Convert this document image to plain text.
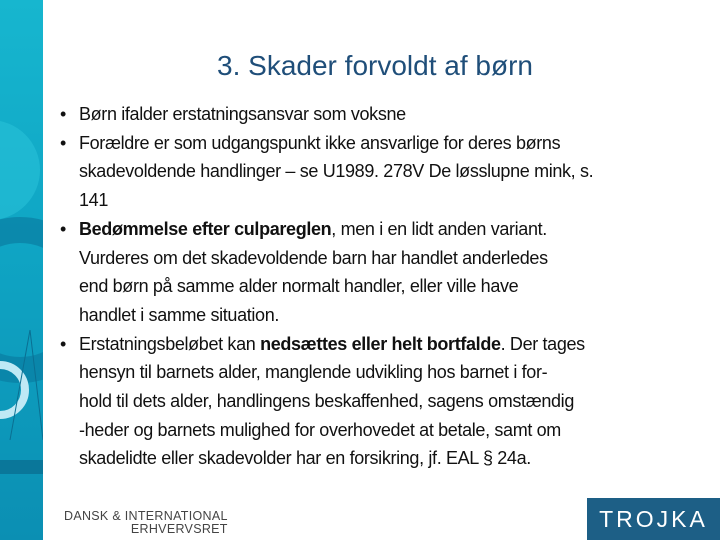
3. Skader forvoldt af børn
• Børn ifalder erstatningsansvar som voksne
• Forældre er som udgangspunkt ikke ansvarlige for deres børns
skadevoldende handlinger – se U1989. 278V De løsslupne mink, s.
141
• Bedømmelse efter culpareglen, men i en lidt anden variant.
Vurderes om det skadevoldende barn har handlet anderledes
end børn på samme alder normalt handler, eller ville have
handlet i samme situation.
• Erstatningsbeløbet kan nedsættes eller helt bortfalde. Der tages
hensyn til barnets alder, manglende udvikling hos barnet i for-
hold til dets alder, handlingens beskaffenhed, sagens omstændig
-heder og barnets mulighed for overhovedet at betale, samt om
skadelidte eller skadevolder har en forsikring, jf. EAL § 24a.
DANSK & INTERNATIONAL
ERHVERVSRET	TROJKA
